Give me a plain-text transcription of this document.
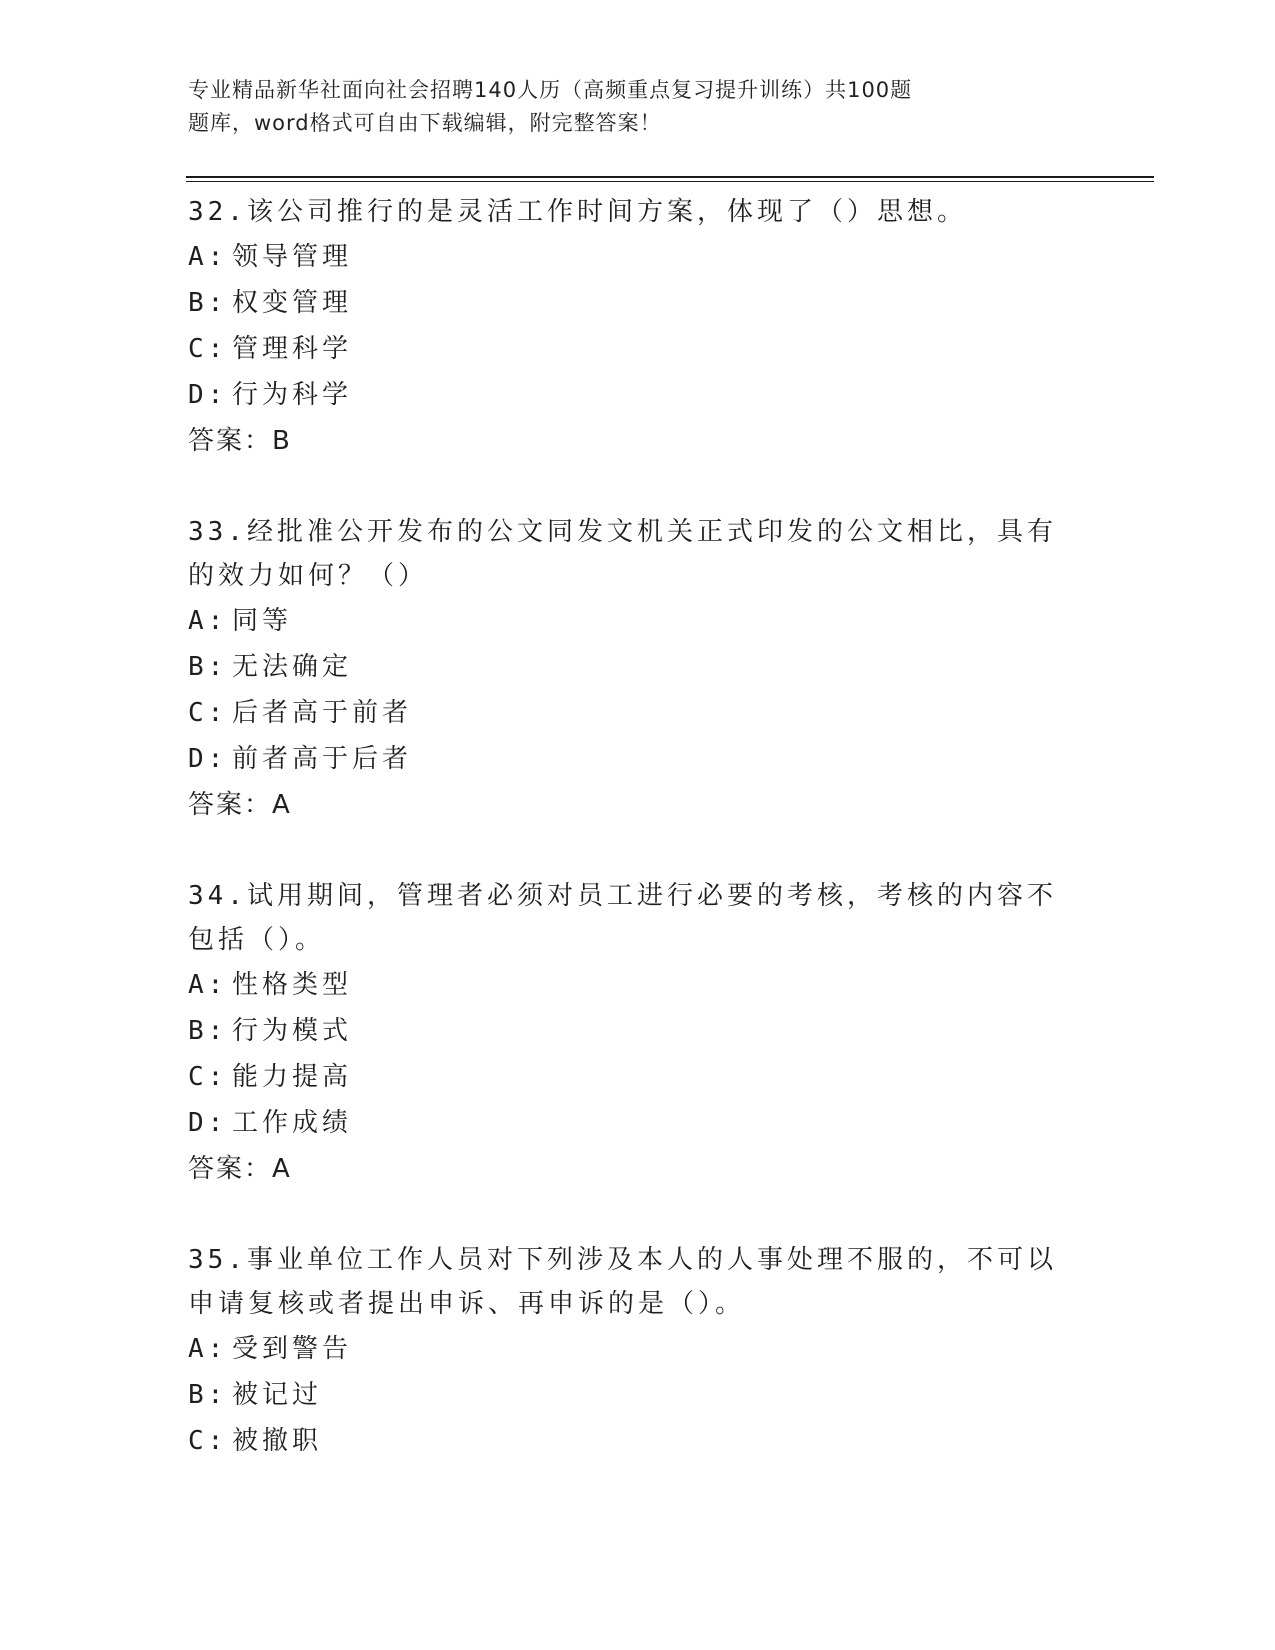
专业精品新华社面向社会招聘140人历（高频重点复习提升训练）共100题
题库，word格式可自由下载编辑，附完整答案！

32.该公司推行的是灵活工作时间方案，体现了（）思想。

A: 领导管理

B: 权变管理

C: 管理科学

D: 行为科学

答案：B

33.经批准公开发布的公文同发文机关正式印发的公文相比，具有的效力如何？（）

A: 同等

B: 无法确定

C: 后者高于前者

D: 前者高于后者

答案：A

34.试用期间，管理者必须对员工进行必要的考核，考核的内容不包括（）。

A: 性格类型

B: 行为模式

C: 能力提高

D: 工作成绩

答案：A

35.事业单位工作人员对下列涉及本人的人事处理不服的，不可以申请复核或者提出申诉、再申诉的是（）。

A: 受到警告

B: 被记过

C: 被撤职
